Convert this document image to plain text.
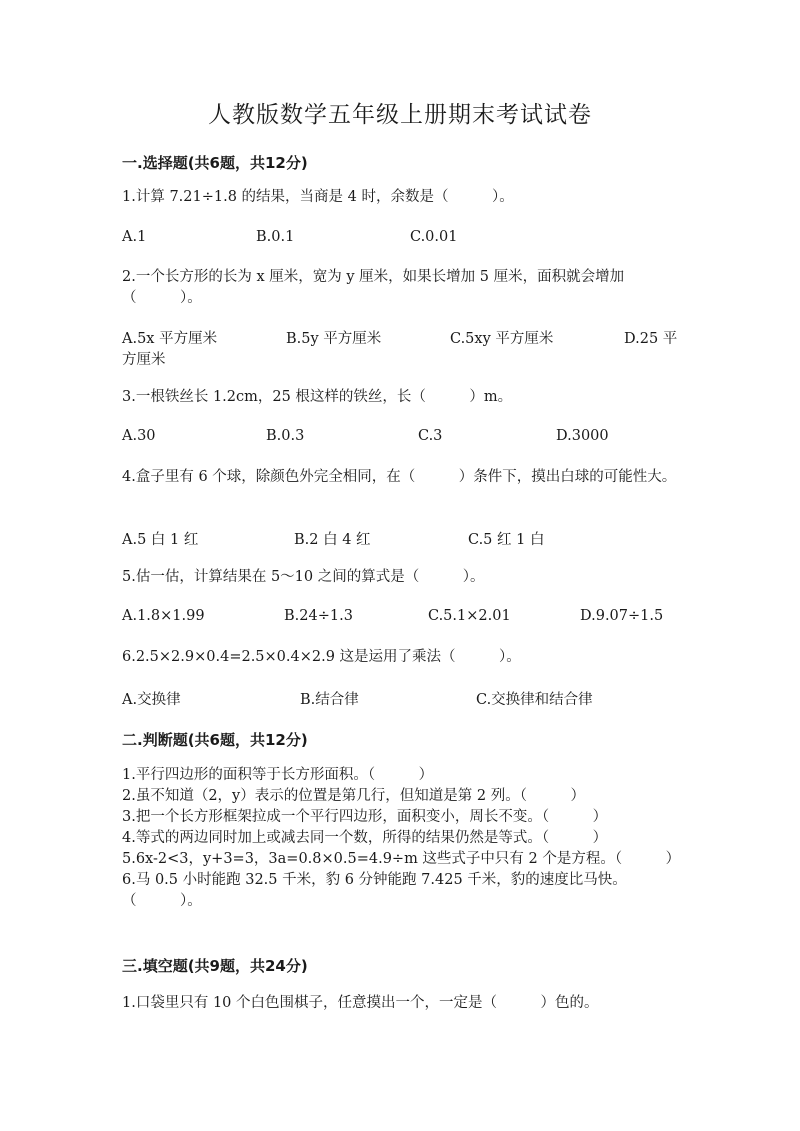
人教版数学五年级上册期末考试试卷
一.选择题(共6题，共12分)
1.计算 7.21÷1.8 的结果，当商是 4 时，余数是（　　　）。
A.1	B.0.1	C.0.01
2.一个长方形的长为 x 厘米，宽为 y 厘米，如果长增加 5 厘米，面积就会增加（　　　）。
A.5x 平方厘米	B.5y 平方厘米	C.5xy 平方厘米	D.25 平
方厘米
3.一根铁丝长 1.2cm，25 根这样的铁丝，长（　　　）m。
A.30	B.0.3	C.3	D.3000
4.盒子里有 6 个球，除颜色外完全相同，在（　　　）条件下，摸出白球的可能性大。
A.5 白 1 红	B.2 白 4 红	C.5 红 1 白
5.估一估，计算结果在 5～10 之间的算式是（　　　）。
A.1.8×1.99	B.24÷1.3	C.5.1×2.01	D.9.07÷1.5
6.2.5×2.9×0.4=2.5×0.4×2.9 这是运用了乘法（　　　）。
A.交换律	B.结合律	C.交换律和结合律
二.判断题(共6题，共12分)
1.平行四边形的面积等于长方形面积。（　　　）
2.虽不知道（2，y）表示的位置是第几行，但知道是第 2 列。（　　　）
3.把一个长方形框架拉成一个平行四边形，面积变小，周长不变。（　　　）
4.等式的两边同时加上或减去同一个数，所得的结果仍然是等式。（　　　）
5.6x-2<3，y+3=3，3a=0.8×0.5=4.9÷m 这些式子中只有 2 个是方程。（　　　）
6.马 0.5 小时能跑 32.5 千米，豹 6 分钟能跑 7.425 千米，豹的速度比马快。（　　　）。
三.填空题(共9题，共24分)
1.口袋里只有 10 个白色围棋子，任意摸出一个，一定是（　　　）色的。
